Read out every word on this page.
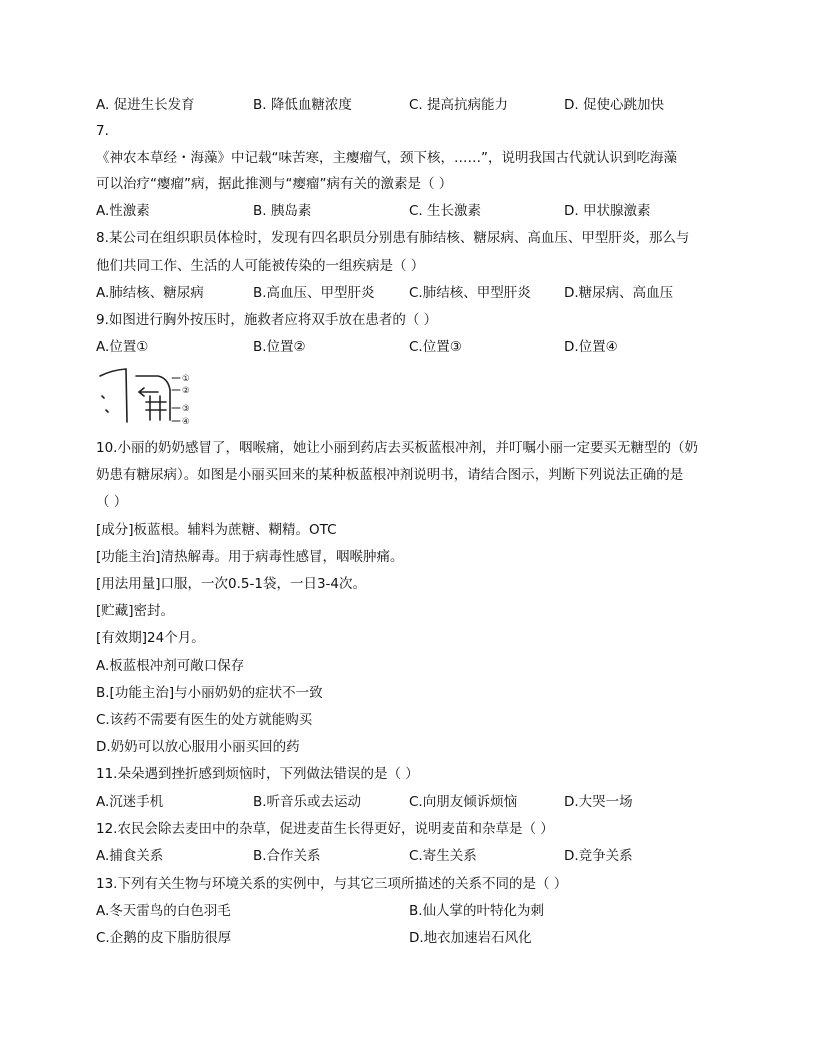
A. 促进生长发育	B. 降低血糖浓度	C. 提高抗病能力	D. 促使心跳加快
7.
《神农本草经・海藻》中记载“味苦寒，主瘿瘤气，颈下核，……”，说明我国古代就认识到吃海藻
可以治疗“瘿瘤”病，据此推测与“瘿瘤”病有关的激素是（ ）
A.性激素	B. 胰岛素	C. 生长激素	D. 甲状腺激素
8.某公司在组织职员体检时，发现有四名职员分别患有肺结核、糖尿病、高血压、甲型肝炎，那么与
他们共同工作、生活的人可能被传染的一组疾病是（ ）
A.肺结核、糖尿病	B.高血压、甲型肝炎	C.肺结核、甲型肝炎 D.糖尿病、高血压
9.如图进行胸外按压时，施救者应将双手放在患者的（ ）
A.位置①	B.位置②	C.位置③	D.位置④
①
②
③
④
10.小丽的奶奶感冒了，咽喉痛，她让小丽到药店去买板蓝根冲剂，并叮嘱小丽一定要买无糖型的（奶
奶患有糖尿病）。如图是小丽买回来的某种板蓝根冲剂说明书，请结合图示，判断下列说法正确的是
（ ）
[成分]板蓝根。辅料为蔗糖、糊精。OTC
[功能主治]清热解毒。用于病毒性感冒，咽喉肿痛。
[用法用量]口服，一次0.5-1袋，一日3-4次。
[贮藏]密封。
[有效期]24个月。
A.板蓝根冲剂可敞口保存
B.[功能主治]与小丽奶奶的症状不一致
C.该药不需要有医生的处方就能购买
D.奶奶可以放心服用小丽买回的药
11.朵朵遇到挫折感到烦恼时，下列做法错误的是（ ）
A.沉迷手机	B.听音乐或去运动	C.向朋友倾诉烦恼	D.大哭一场
12.农民会除去麦田中的杂草，促进麦苗生长得更好，说明麦苗和杂草是（ ）
A.捕食关系	B.合作关系	C.寄生关系	D.竞争关系
13.下列有关生物与环境关系的实例中，与其它三项所描述的关系不同的是（ ）
A.冬天雷鸟的白色羽毛	B.仙人掌的叶特化为刺
C.企鹅的皮下脂肪很厚	D.地衣加速岩石风化
